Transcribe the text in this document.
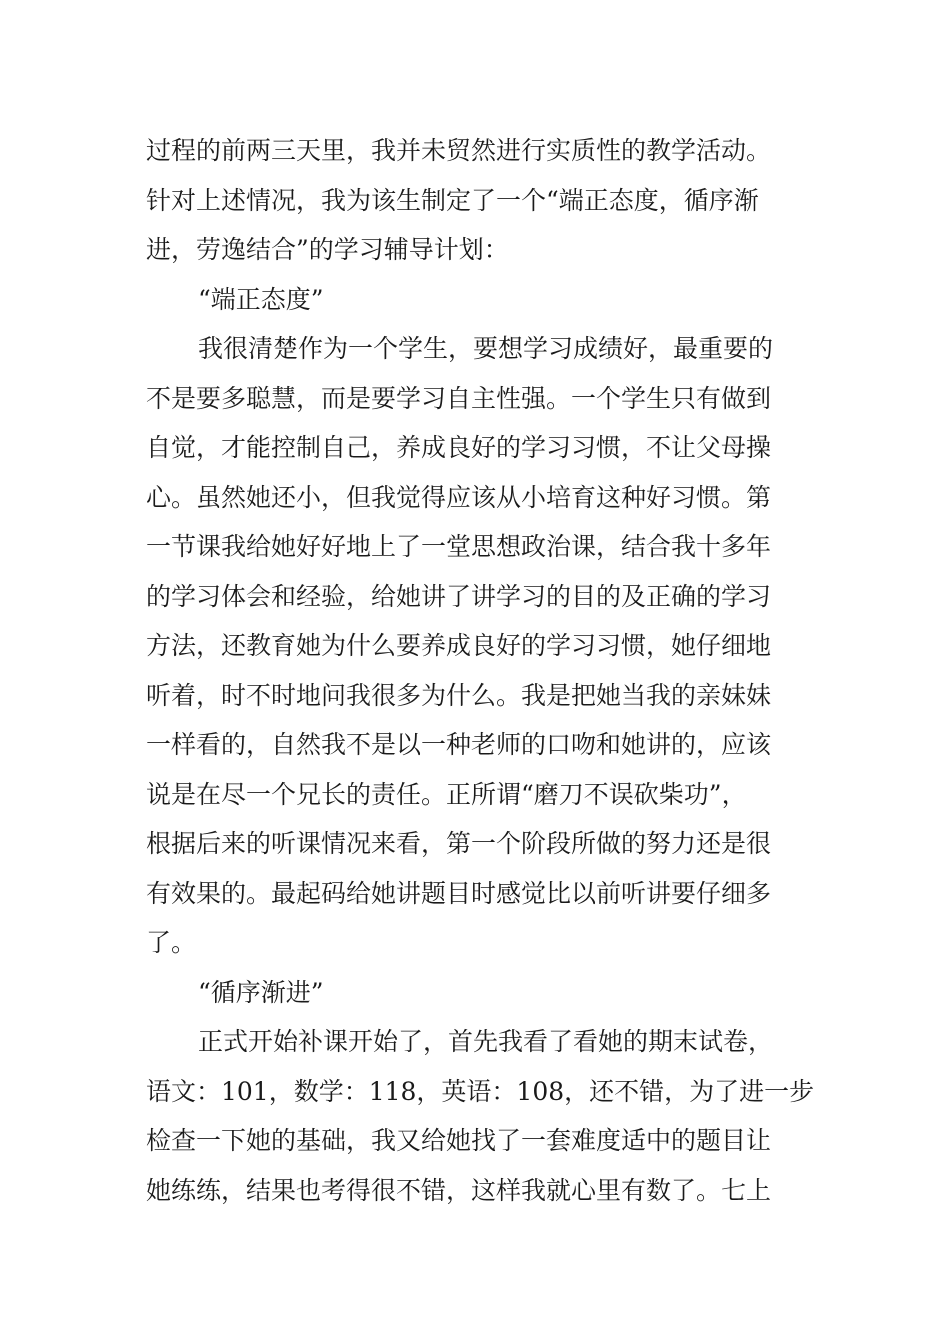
过程的前两三天里，我并未贸然进行实质性的教学活动。
针对上述情况，我为该生制定了一个“端正态度，循序渐
进，劳逸结合”的学习辅导计划：
“端正态度”
我很清楚作为一个学生，要想学习成绩好，最重要的
不是要多聪慧，而是要学习自主性强。一个学生只有做到
自觉，才能控制自己，养成良好的学习习惯，不让父母操
心。虽然她还小，但我觉得应该从小培育这种好习惯。第
一节课我给她好好地上了一堂思想政治课，结合我十多年
的学习体会和经验，给她讲了讲学习的目的及正确的学习
方法，还教育她为什么要养成良好的学习习惯，她仔细地
听着，时不时地问我很多为什么。我是把她当我的亲妹妹
一样看的，自然我不是以一种老师的口吻和她讲的，应该
说是在尽一个兄长的责任。正所谓“磨刀不误砍柴功”，
根据后来的听课情况来看，第一个阶段所做的努力还是很
有效果的。最起码给她讲题目时感觉比以前听讲要仔细多
了。
“循序渐进”
正式开始补课开始了，首先我看了看她的期末试卷，
语文：101，数学：118，英语：108，还不错，为了进一步
检查一下她的基础，我又给她找了一套难度适中的题目让
她练练，结果也考得很不错，这样我就心里有数了。七上
